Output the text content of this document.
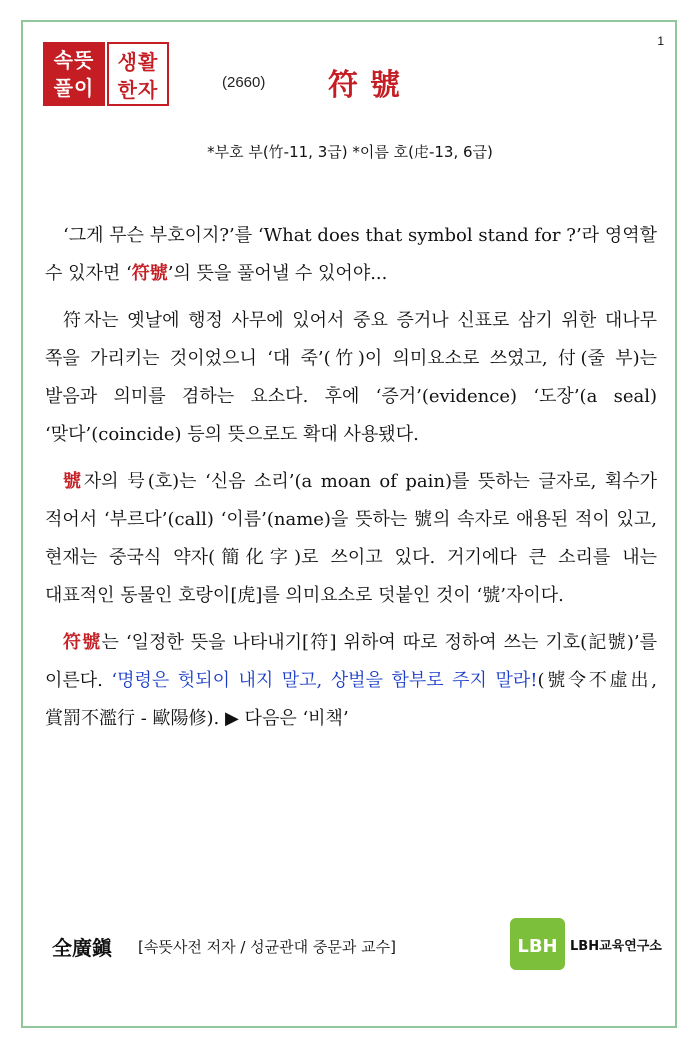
1
속뜻 풀이
생활 한자	(2660) 符號
*부호 부(竹-11, 3급) *이름 호(虍-13, 6급)

‘그게 무슨 부호이지?’를 ‘What does that symbol stand for ?’라 영역할 수 있자면 ‘符號’의 뜻을 풀어낼 수 있어야...

符자는 옛날에 행정 사무에 있어서 중요 증거나 신표로 삼기 위한 대나무 쪽을 가리키는 것이었으니 ‘대 죽’(竹)이 의미요소로 쓰였고, 付(줄 부)는 발음과 의미를 겸하는 요소다. 후에 ‘증거’(evidence) ‘도장’(a seal) ‘맞다’(coincide) 등의 뜻으로도 확대 사용됐다.

號자의 号(호)는 ‘신음 소리’(a moan of pain)를 뜻하는 글자로, 획수가 적어서 ‘부르다’(call) ‘이름’(name)을 뜻하는 號의 속자로 애용된 적이 있고, 현재는 중국식 약자(簡化字)로 쓰이고 있다. 거기에다 큰 소리를 내는 대표적인 동물인 호랑이[虎]를 의미요소로 덧붙인 것이 ‘號’자이다.

符號는 ‘일정한 뜻을 나타내기[符] 위하여 따로 정하여 쓰는 기호(記號)’를 이른다. ‘명령은 헛되이 내지 말고, 상벌을 함부로 주지 말라!(號令不虛出, 賞罰不濫行 - 歐陽修). ▶ 다음은 ‘비책’

全廣鎭 [속뜻사전 저자 / 성균관대 중문과 교수]	LBH LBH교육연구소
